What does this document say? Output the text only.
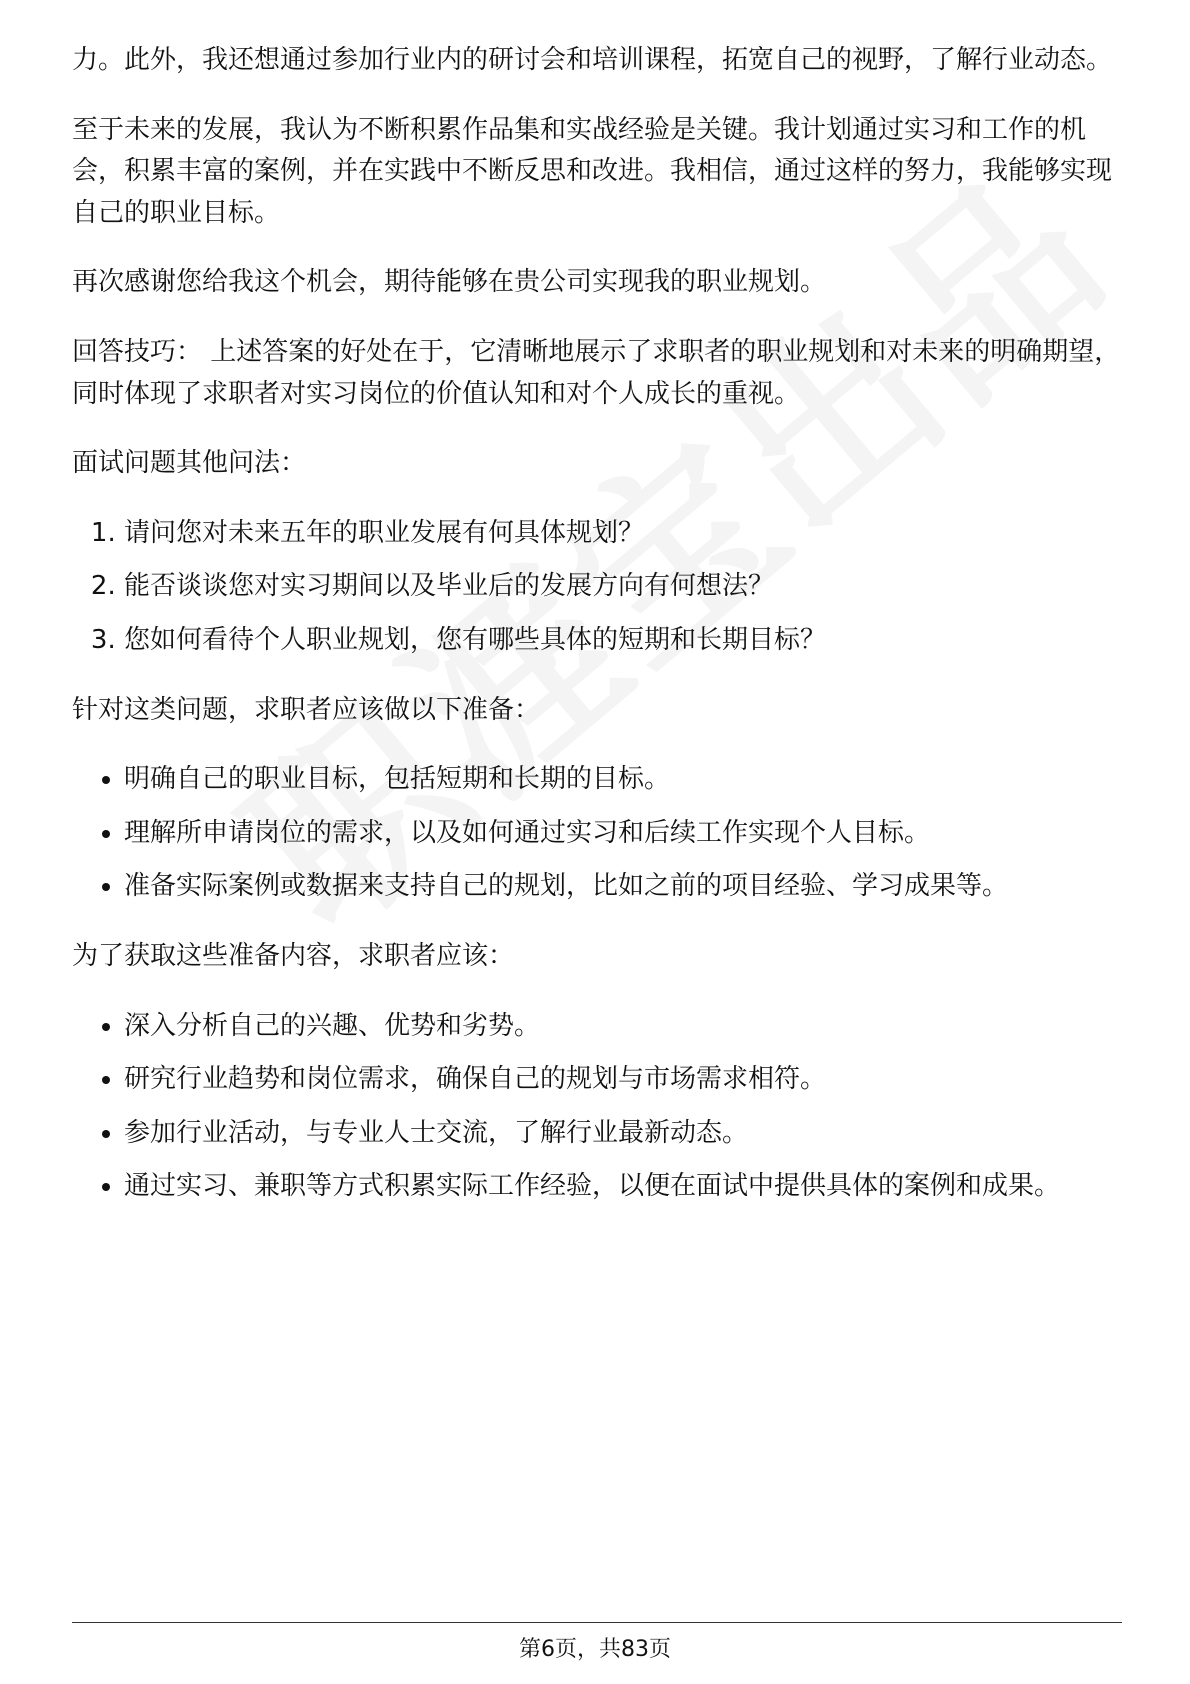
力。此外，我还想通过参加行业内的研讨会和培训课程，拓宽自己的视野，了解行业动态。

至于未来的发展，我认为不断积累作品集和实战经验是关键。我计划通过实习和工作的机会，积累丰富的案例，并在实践中不断反思和改进。我相信，通过这样的努力，我能够实现自己的职业目标。

再次感谢您给我这个机会，期待能够在贵公司实现我的职业规划。

回答技巧： 上述答案的好处在于，它清晰地展示了求职者的职业规划和对未来的明确期望，同时体现了求职者对实习岗位的价值认知和对个人成长的重视。

面试问题其他问法：

1. 请问您对未来五年的职业发展有何具体规划？
2. 能否谈谈您对实习期间以及毕业后的发展方向有何想法？
3. 您如何看待个人职业规划，您有哪些具体的短期和长期目标？

针对这类问题，求职者应该做以下准备：

• 明确自己的职业目标，包括短期和长期的目标。
• 理解所申请岗位的需求，以及如何通过实习和后续工作实现个人目标。
• 准备实际案例或数据来支持自己的规划，比如之前的项目经验、学习成果等。

为了获取这些准备内容，求职者应该：

• 深入分析自己的兴趣、优势和劣势。
• 研究行业趋势和岗位需求，确保自己的规划与市场需求相符。
• 参加行业活动，与专业人士交流，了解行业最新动态。
• 通过实习、兼职等方式积累实际工作经验，以便在面试中提供具体的案例和成果。
第6页，共83页
